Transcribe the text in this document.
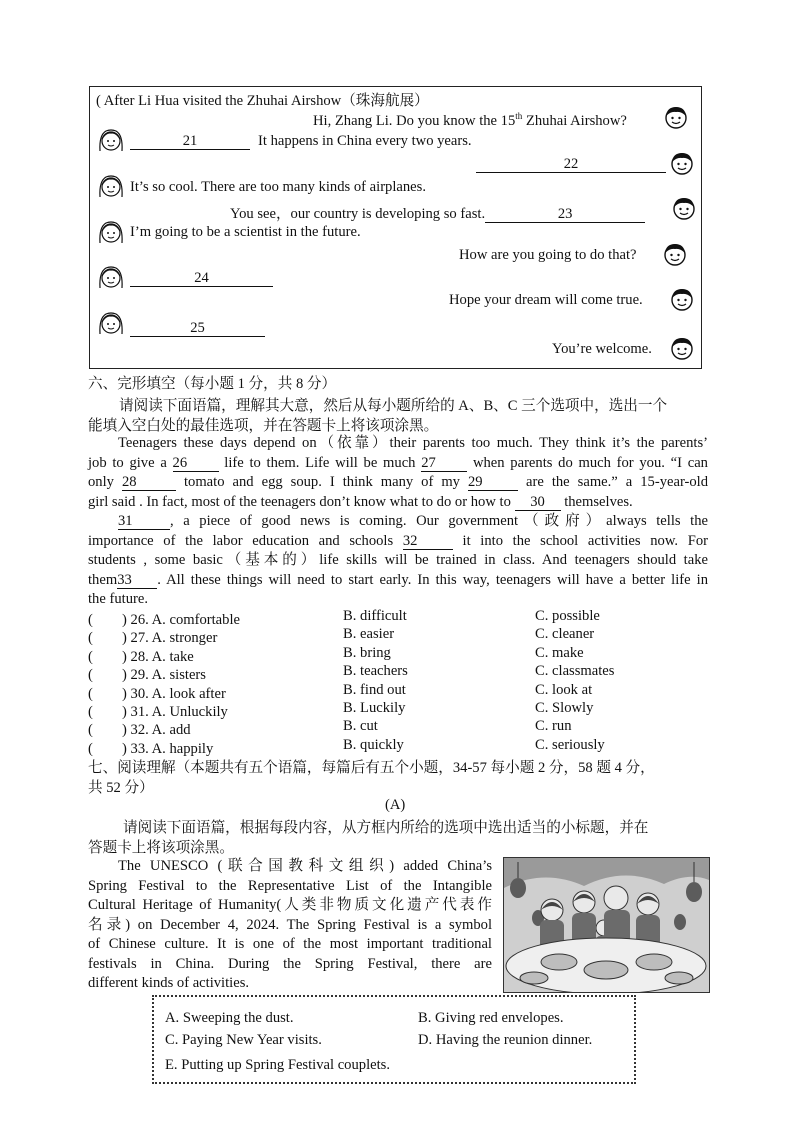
( After Li Hua visited the Zhuhai Airshow（珠海航展）
Hi, Zhang Li. Do you know the 15th Zhuhai Airshow?
21	It happens in China every two years.
22
It’s so cool. There are too many kinds of airplanes.
You see，our country is developing so fast.	23
I’m going to be a scientist in the future.
How are you going to do that?
24
Hope your dream will come true.
25
You’re welcome.
六、完形填空（每小题 1 分，共 8 分）
请阅读下面语篇，理解其大意，然后从每小题所给的 A、B、C 三个选项中，选出一个
能填入空白处的最佳选项，并在答题卡上将该项涂黑。
Teenagers these days depend on（依靠）their parents too much. They think it’s the parents’
job to give a 26	life to them. Life will be much 27	when parents do much for you. “I can
only 28	tomato and egg soup. I think many of my 29	are the same.” a 15-year-old
girl said . In fact, most of the teenagers don’t know what to do or how to 30 themselves.
31	, a piece of good news is coming. Our government（政府）always tells the
importance of the labor education and schools 32	it into the school activities now. For
students , some basic（基本的）life skills will be trained in class. And teenagers should take
them33 . All these things will need to start early. In this way, teenagers will have a better life in
the future.
(　　) 26. A. comfortable	B. difficult	C. possible
(　　) 27. A. stronger	B. easier	C. cleaner
(　　) 28. A. take	B. bring	C. make
(　　) 29. A. sisters	B. teachers	C. classmates
(　　) 30. A. look after	B. find out	C. look at
(　　) 31. A. Unluckily	B. Luckily	C. Slowly
(　　) 32. A. add	B. cut	C. run
(　　) 33. A. happily	B. quickly	C. seriously
七、阅读理解（本题共有五个语篇，每篇后有五个小题，34-57 每小题 2 分，58 题 4 分，
共 52 分）
(A)
请阅读下面语篇，根据每段内容，从方框内所给的选项中选出适当的小标题，并在
答题卡上将该项涂黑。
The UNESCO (联合国教科文组织) added China’s
Spring Festival to the Representative List of the Intangible
Cultural Heritage of Humanity(人类非物质文化遗产代表作
名录) on December 4, 2024. The Spring Festival is a symbol
of Chinese culture. It is one of the most important traditional
festivals in China. During the Spring Festival, there are
different kinds of activities.
A. Sweeping the dust.	B. Giving red envelopes.
C. Paying New Year visits.	D. Having the reunion dinner.
E. Putting up Spring Festival couplets.
